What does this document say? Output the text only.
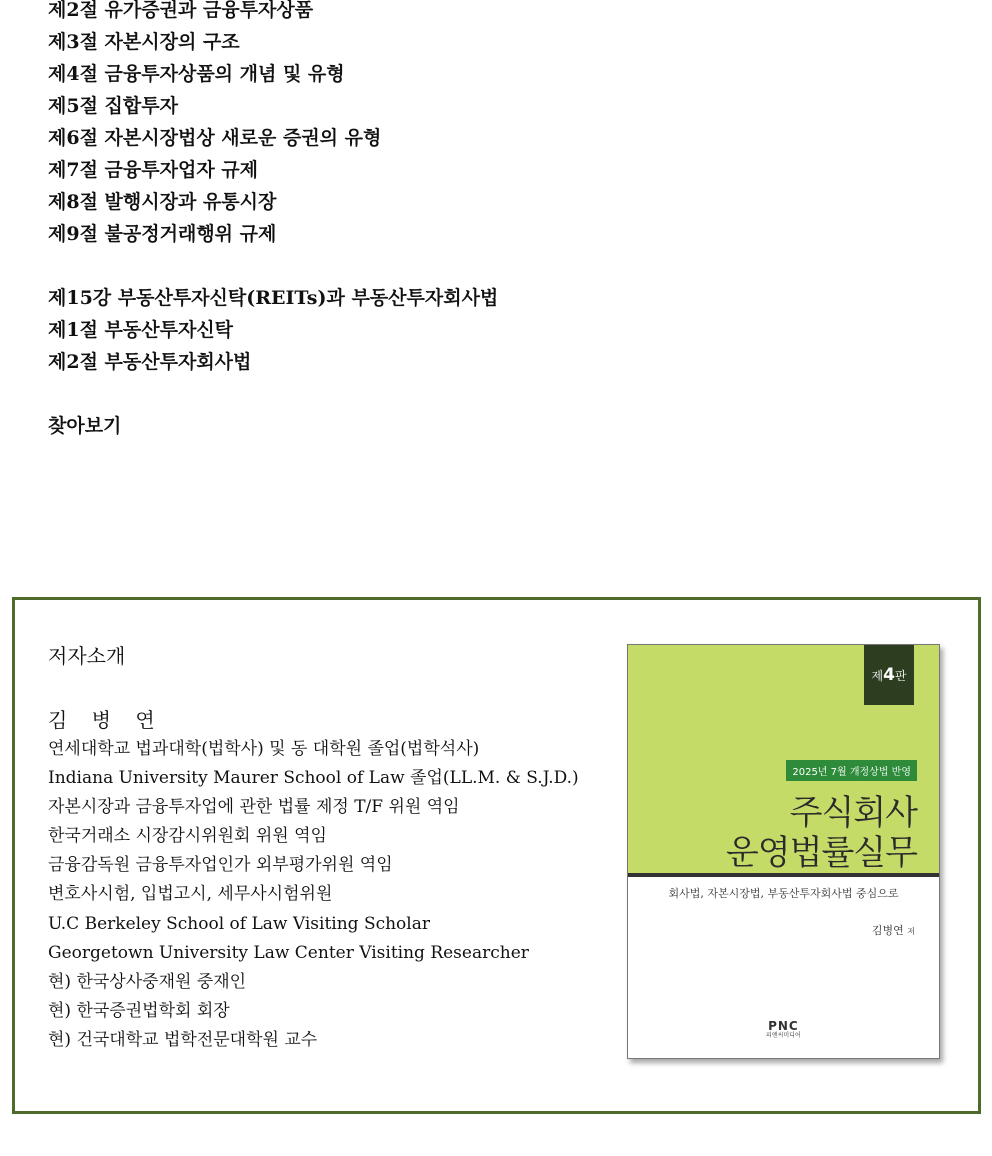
제2절 유가증권과 금융투자상품
제3절 자본시장의 구조
제4절 금융투자상품의 개념 및 유형
제5절 집합투자
제6절 자본시장법상 새로운 증권의 유형
제7절 금융투자업자 규제
제8절 발행시장과 유통시장
제9절 불공정거래행위 규제
제15강 부동산투자신탁(REITs)과 부동산투자회사법
제1절 부동산투자신탁
제2절 부동산투자회사법
찾아보기
저자소개
김 병 연
연세대학교 법과대학(법학사) 및 동 대학원 졸업(법학석사)
Indiana University Maurer School of Law 졸업(LL.M. & S.J.D.)
자본시장과 금융투자업에 관한 법률 제정 T/F 위원 역임
한국거래소 시장감시위원회 위원 역임
금융감독원 금융투자업인가 외부평가위원 역임
변호사시험, 입법고시, 세무사시험위원
U.C Berkeley School of Law Visiting Scholar
Georgetown University Law Center Visiting Researcher
현) 한국상사중재원 중재인
현) 한국증권법학회 회장
현) 건국대학교 법학전문대학원 교수
제4판
2025년 7월 개정상법 반영
주식회사
운영법률실무
회사법, 자본시장법, 부동산투자회사법 중심으로
김병연 저
PNC
피앤씨미디어
